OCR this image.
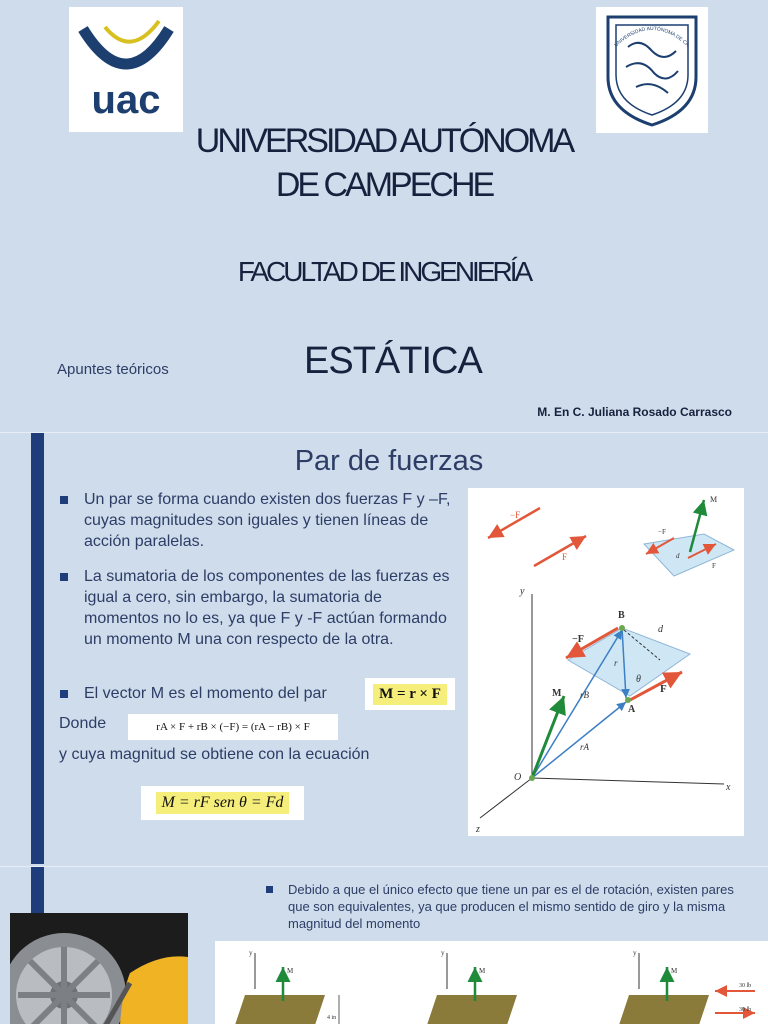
uac
UNIVERSIDAD AUTÓNOMA
DE CAMPECHE
FACULTAD DE INGENIERÍA
Apuntes teóricos	ESTÁTICA
M. En C. Juliana Rosado Carrasco
UNIVERSIDAD AUTÓNOMA DE CA
Par de fuerzas
Un par se forma cuando existen dos fuerzas F y –F, cuyas magnitudes son iguales y tienen líneas de acción paralelas.
La sumatoria de los componentes de las fuerzas es igual a cero, sin embargo, la sumatoria de momentos no lo es, ya que F y -F actúan formando un momento M una con respecto de la otra.
El vector M es el momento del par	M = r × F
Donde	rA × F + rB × (−F) = (rA − rB) × F
y cuya magnitud se obtiene con la ecuación
M = rF sen θ = Fd
−F
F
M
−F
F
d
y
x
z
O
rB
rA
r
−F
F
B
A
d
θ
M
Debido a que el único efecto que tiene un par es el de rotación, existen pares que son equivalentes, ya que producen el mismo sentido de giro y la misma magnitud del momento
y
M
4 in
y
M
y
M
30 lb
30 lb
